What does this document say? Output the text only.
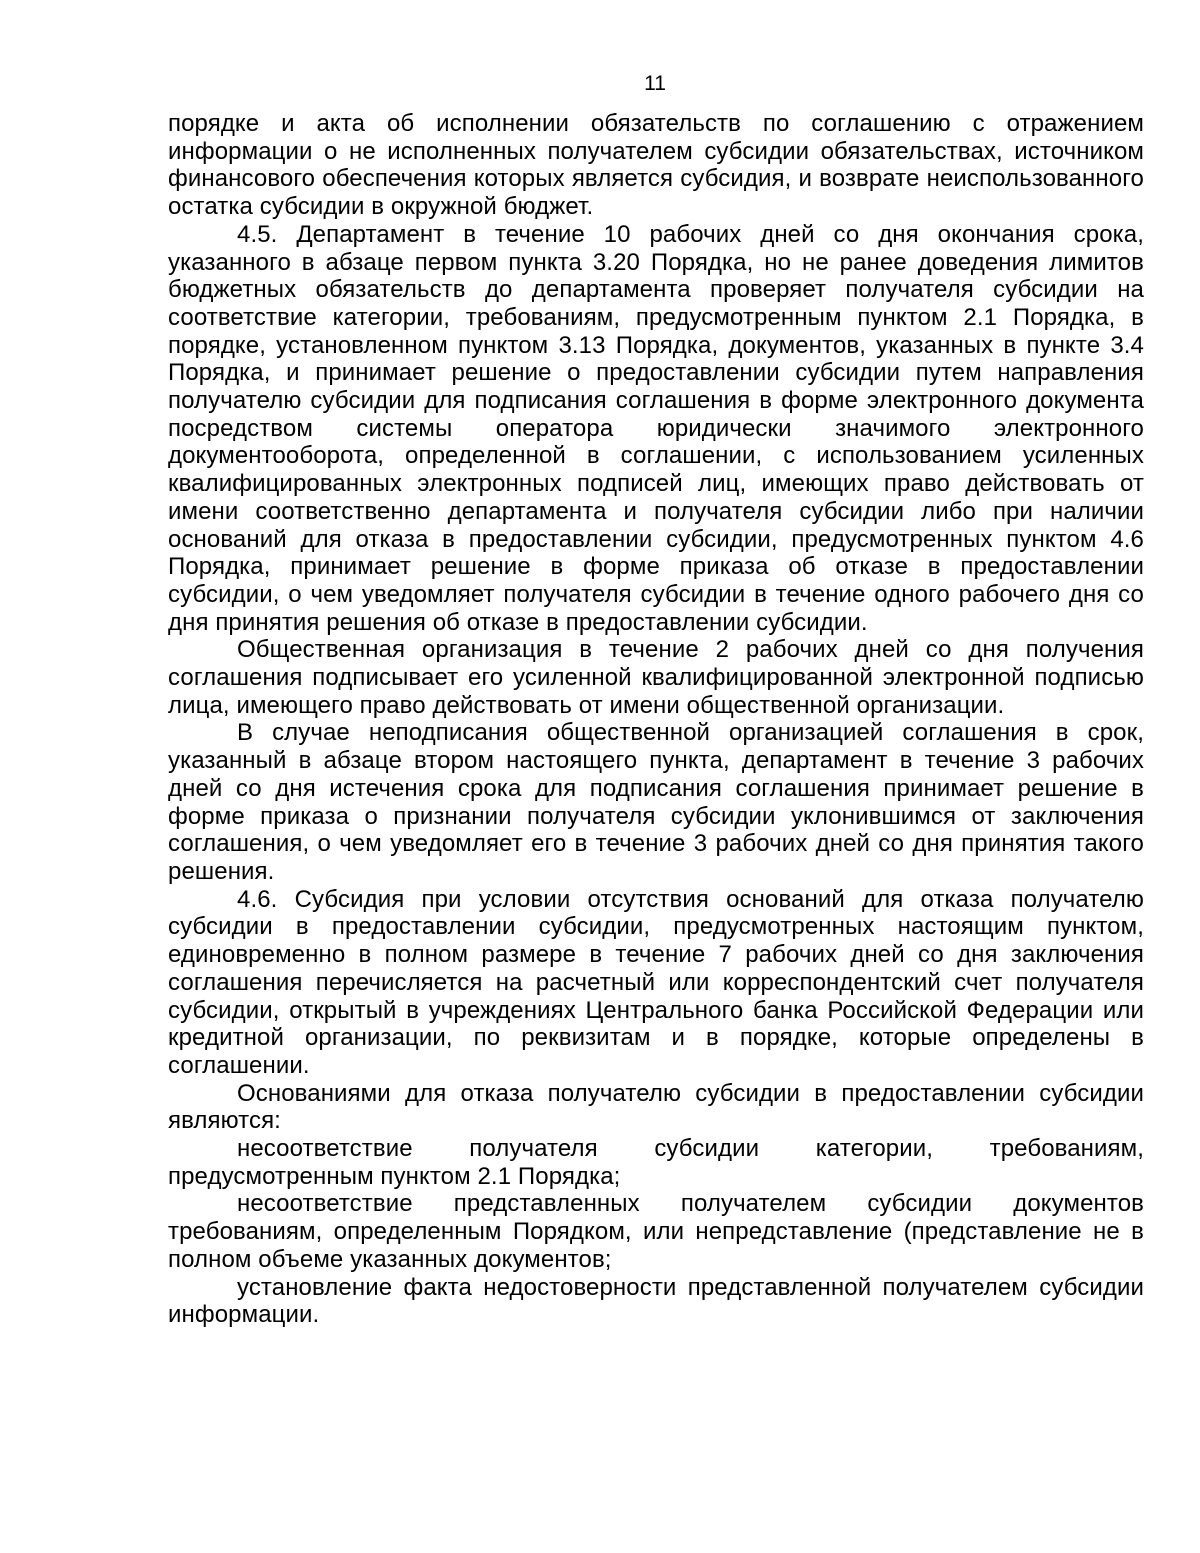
11

порядке и акта об исполнении обязательств по соглашению с отражением информации о не исполненных получателем субсидии обязательствах, источником финансового обеспечения которых является субсидия, и возврате неиспользованного остатка субсидии в окружной бюджет.

4.5. Департамент в течение 10 рабочих дней со дня окончания срока, указанного в абзаце первом пункта 3.20 Порядка, но не ранее доведения лимитов бюджетных обязательств до департамента проверяет получателя субсидии на соответствие категории, требованиям, предусмотренным пунктом 2.1 Порядка, в порядке, установленном пунктом 3.13 Порядка, документов, указанных в пункте 3.4 Порядка, и принимает решение о предоставлении субсидии путем направления получателю субсидии для подписания соглашения в форме электронного документа посредством системы оператора юридически значимого электронного документооборота, определенной в соглашении, с использованием усиленных квалифицированных электронных подписей лиц, имеющих право действовать от имени соответственно департамента и получателя субсидии либо при наличии оснований для отказа в предоставлении субсидии, предусмотренных пунктом 4.6 Порядка, принимает решение в форме приказа об отказе в предоставлении субсидии, о чем уведомляет получателя субсидии в течение одного рабочего дня со дня принятия решения об отказе в предоставлении субсидии.

Общественная организация в течение 2 рабочих дней со дня получения соглашения подписывает его усиленной квалифицированной электронной подписью лица, имеющего право действовать от имени общественной организации.

В случае неподписания общественной организацией соглашения в срок, указанный в абзаце втором настоящего пункта, департамент в течение 3 рабочих дней со дня истечения срока для подписания соглашения принимает решение в форме приказа о признании получателя субсидии уклонившимся от заключения соглашения, о чем уведомляет его в течение 3 рабочих дней со дня принятия такого решения.

4.6. Субсидия при условии отсутствия оснований для отказа получателю субсидии в предоставлении субсидии, предусмотренных настоящим пунктом, единовременно в полном размере в течение 7 рабочих дней со дня заключения соглашения перечисляется на расчетный или корреспондентский счет получателя субсидии, открытый в учреждениях Центрального банка Российской Федерации или кредитной организации, по реквизитам и в порядке, которые определены в соглашении.

Основаниями для отказа получателю субсидии в предоставлении субсидии являются:

несоответствие получателя субсидии категории, требованиям, предусмотренным пунктом 2.1 Порядка;

несоответствие представленных получателем субсидии документов требованиям, определенным Порядком, или непредставление (представление не в полном объеме указанных документов;

установление факта недостоверности представленной получателем субсидии информации.
